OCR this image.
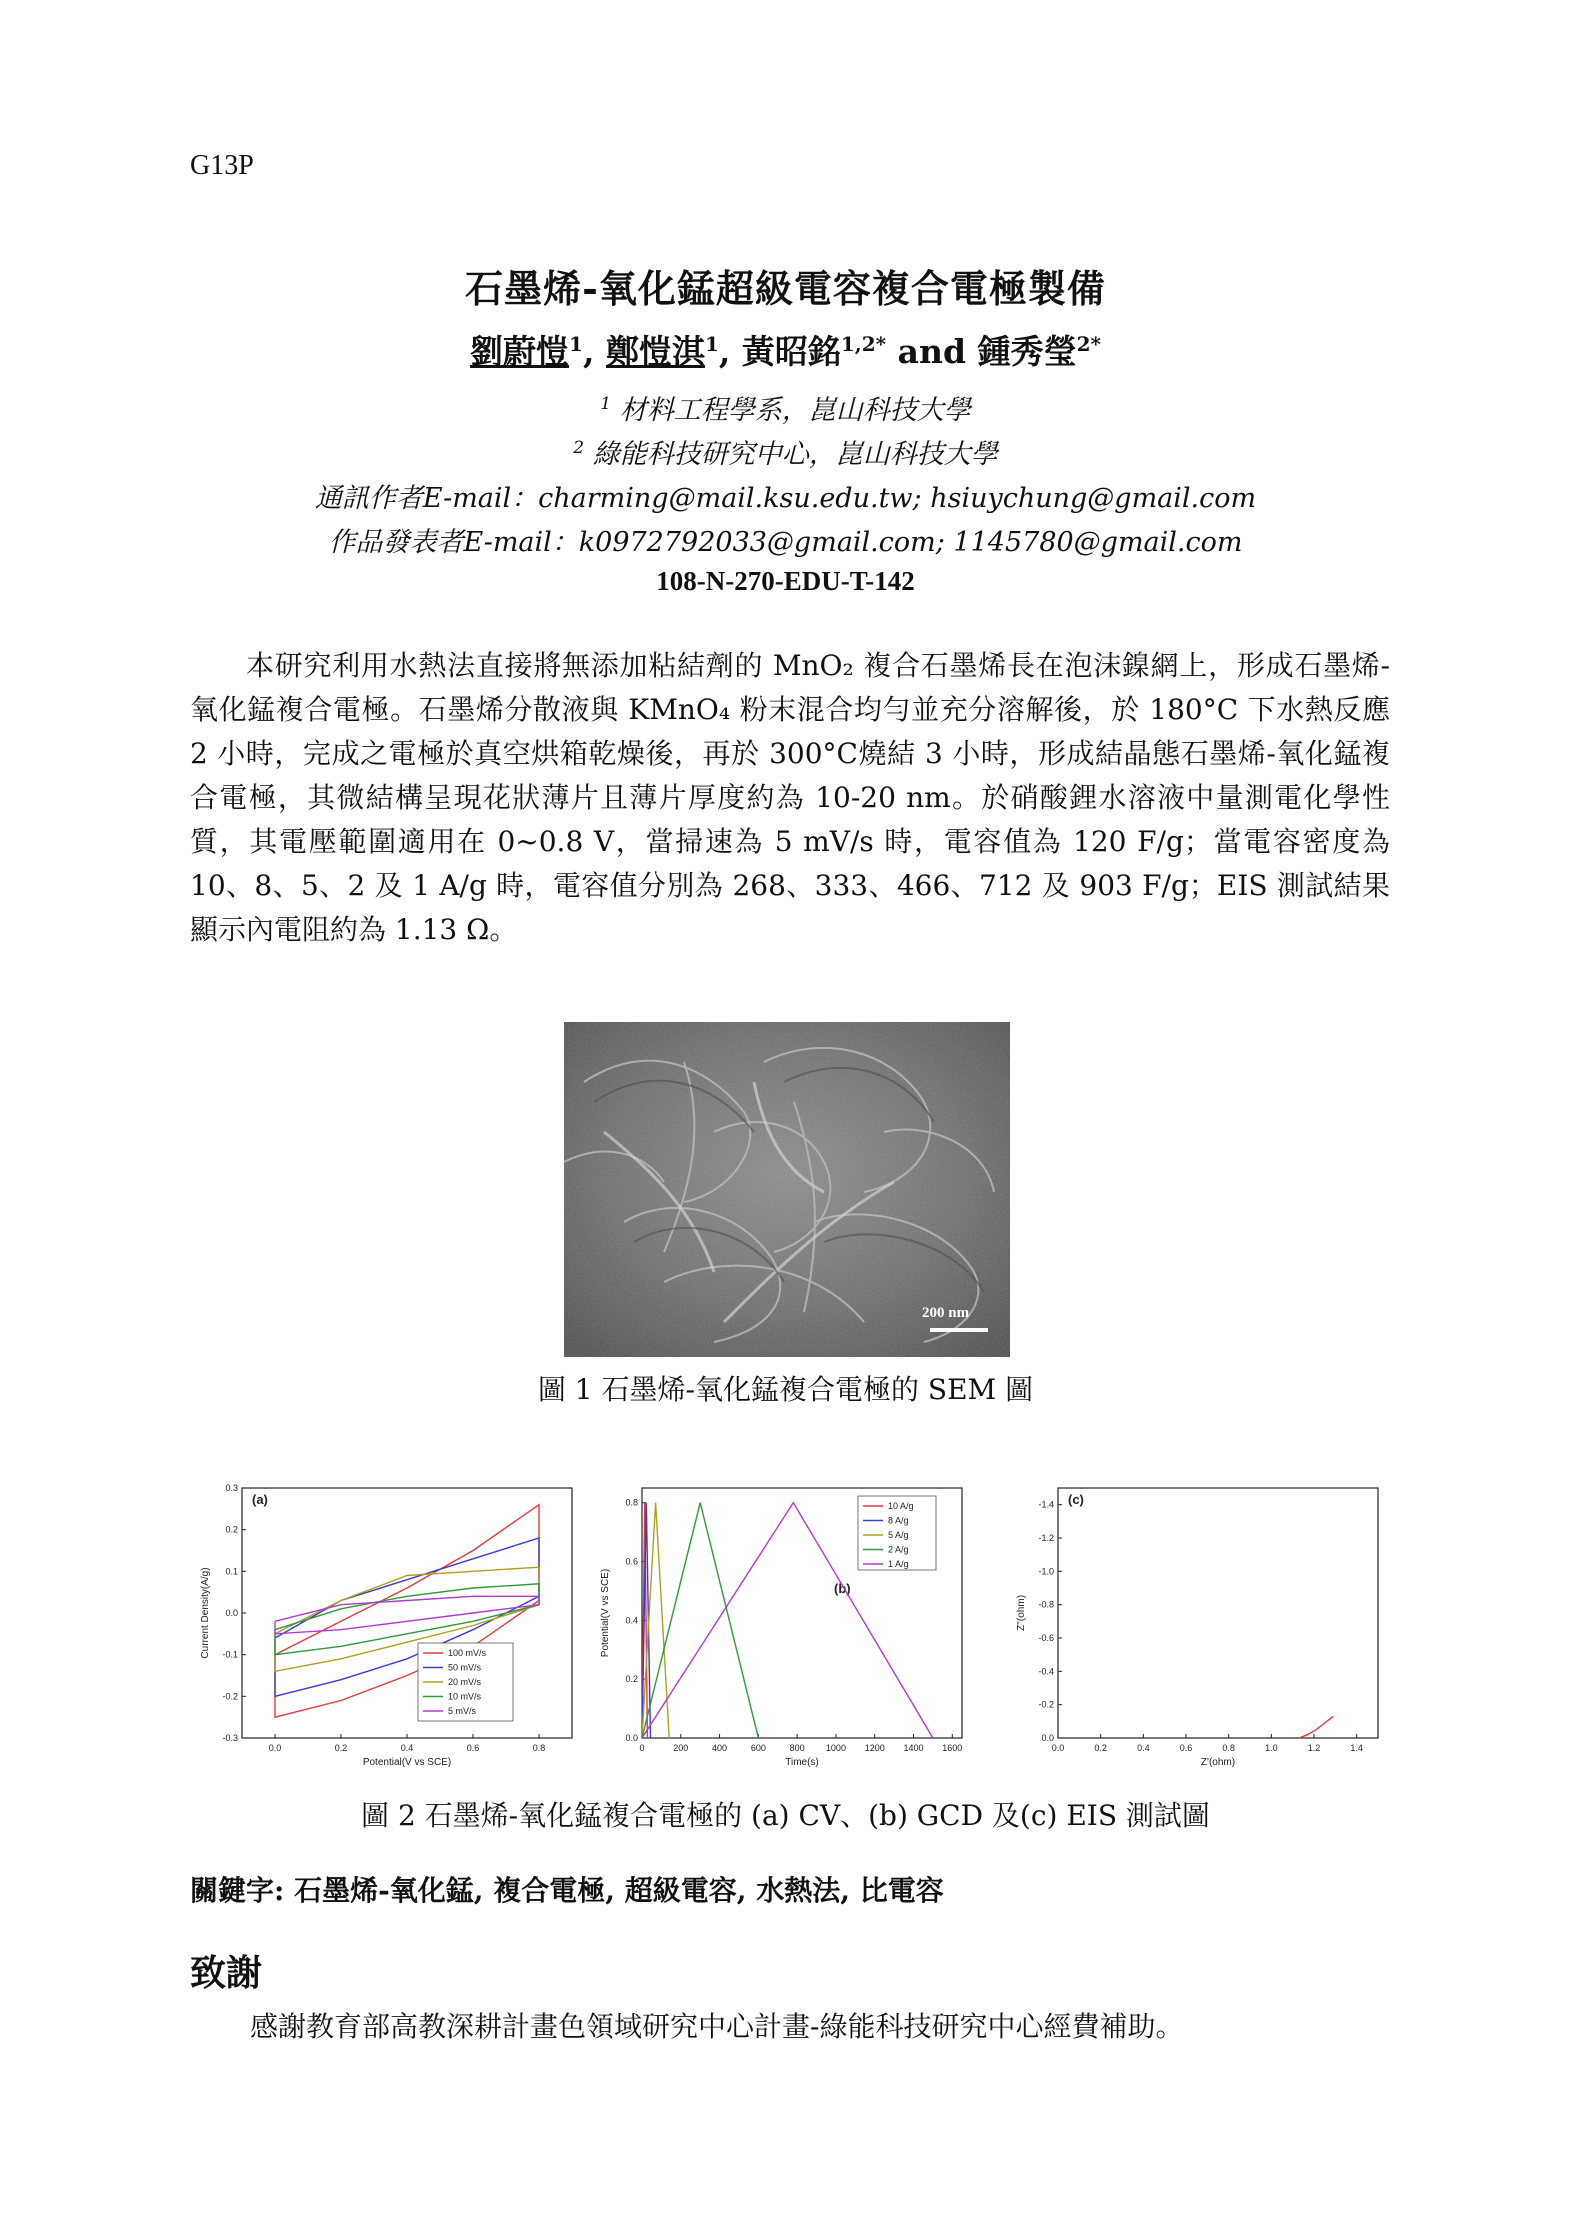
G13P
石墨烯-氧化錳超級電容複合電極製備
劉蔚愷$^1$, 鄭愷淇$^1$, 黃昭銘$^{1,2*}$ and 鍾秀瑩$^{2*}$
$^1$ 材料工程學系，崑山科技大學
$^2$ 綠能科技研究中心，崑山科技大學
通訊作者E-mail：charming@mail.ksu.edu.tw; hsiuychung@gmail.com
作品發表者E-mail：k0972792033@gmail.com; 1145780@gmail.com
108-N-270-EDU-T-142
本研究利用水熱法直接將無添加粘結劑的 MnO₂ 複合石墨烯長在泡沫鎳網上，形成石墨烯-氧化錳複合電極。石墨烯分散液與 KMnO₄ 粉末混合均勻並充分溶解後，於 180°C 下水熱反應 2 小時，完成之電極於真空烘箱乾燥後，再於 300°C燒結 3 小時，形成結晶態石墨烯-氧化錳複合電極，其微結構呈現花狀薄片且薄片厚度約為 10-20 nm。於硝酸鋰水溶液中量測電化學性質，其電壓範圍適用在 0~0.8 V，當掃速為 5 mV/s 時，電容值為 120 F/g；當電容密度為 10、8、5、2 及 1 A/g 時，電容值分別為 268、333、466、712 及 903 F/g；EIS 測試結果顯示內電阻約為 1.13 Ω。
200 nm
圖 1 石墨烯-氧化錳複合電極的 SEM 圖
0.0	0.2	0.4	0.6	0.8
-0.3
-0.2
-0.1
0.0
0.1
0.2
0.3
Potential(V vs SCE)
Current Density(A/g)
(a)
100 mV/s
50 mV/s
20 mV/s
10 mV/s
5 mV/s
0	200	400	600	800 1000 1200 1400 1600
0.0
0.2
0.4
0.6
0.8
Time(s)
Potential(V vs SCE)	(b)
10 A/g
8 A/g
5 A/g
2 A/g
1 A/g
0.0	0.2	0.4	0.6	0.8	1.0	1.2	1.4
0.0
-0.2
-0.4
-0.6
-0.8
-1.0
-1.2
-1.4
Z'(ohm)
Z''(ohm)
(c)
圖 2 石墨烯-氧化錳複合電極的 (a) CV、(b) GCD 及(c) EIS 測試圖
關鍵字: 石墨烯-氧化錳, 複合電極, 超級電容, 水熱法, 比電容
致謝
感謝教育部高教深耕計畫色領域研究中心計畫-綠能科技研究中心經費補助。
